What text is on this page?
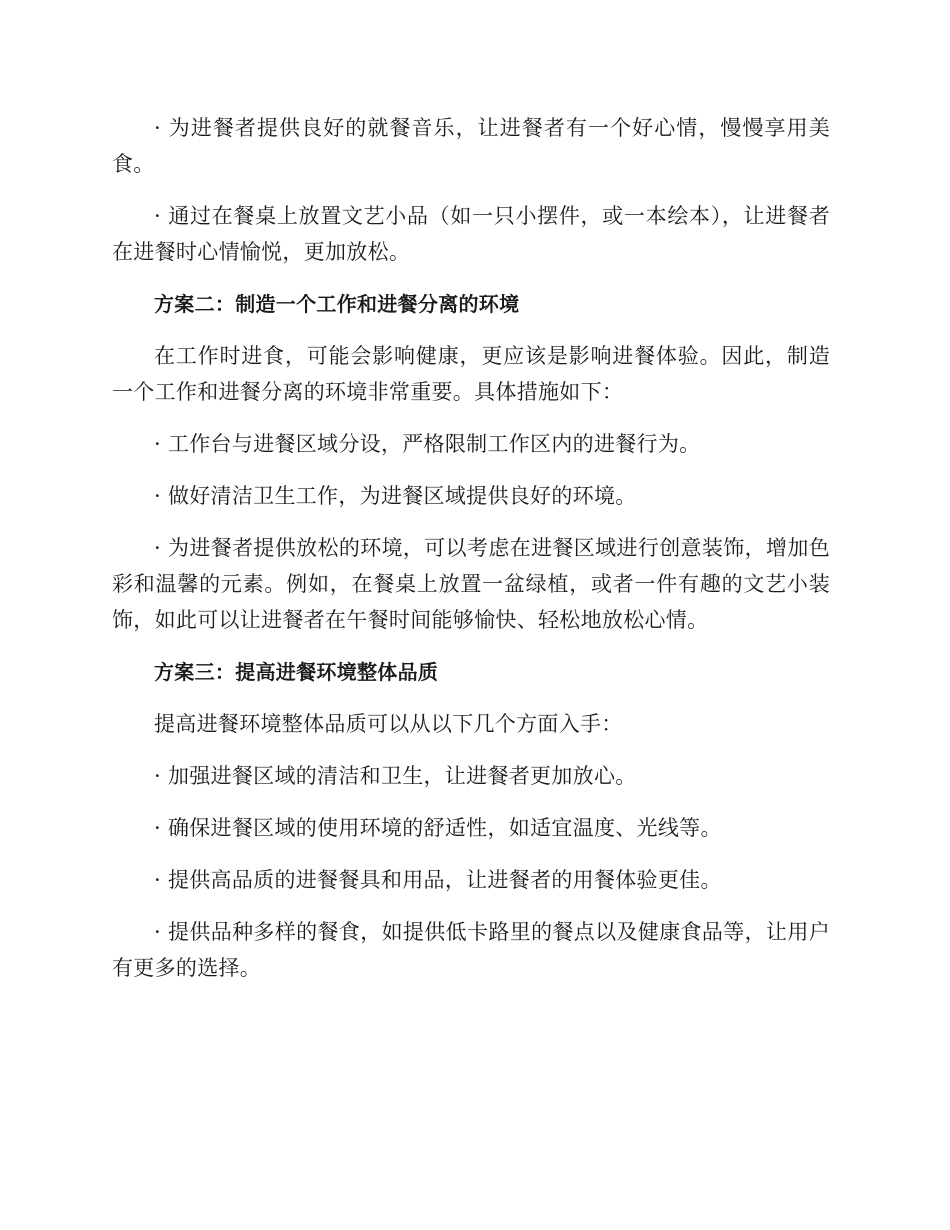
· 为进餐者提供良好的就餐音乐，让进餐者有一个好心情，慢慢享用美食。

· 通过在餐桌上放置文艺小品（如一只小摆件，或一本绘本），让进餐者在进餐时心情愉悦，更加放松。

方案二：制造一个工作和进餐分离的环境

在工作时进食，可能会影响健康，更应该是影响进餐体验。因此，制造一个工作和进餐分离的环境非常重要。具体措施如下：

· 工作台与进餐区域分设，严格限制工作区内的进餐行为。

· 做好清洁卫生工作，为进餐区域提供良好的环境。

· 为进餐者提供放松的环境，可以考虑在进餐区域进行创意装饰，增加色彩和温馨的元素。例如，在餐桌上放置一盆绿植，或者一件有趣的文艺小装饰，如此可以让进餐者在午餐时间能够愉快、轻松地放松心情。

方案三：提高进餐环境整体品质

提高进餐环境整体品质可以从以下几个方面入手：

· 加强进餐区域的清洁和卫生，让进餐者更加放心。

· 确保进餐区域的使用环境的舒适性，如适宜温度、光线等。

· 提供高品质的进餐餐具和用品，让进餐者的用餐体验更佳。

· 提供品种多样的餐食，如提供低卡路里的餐点以及健康食品等，让用户有更多的选择。
